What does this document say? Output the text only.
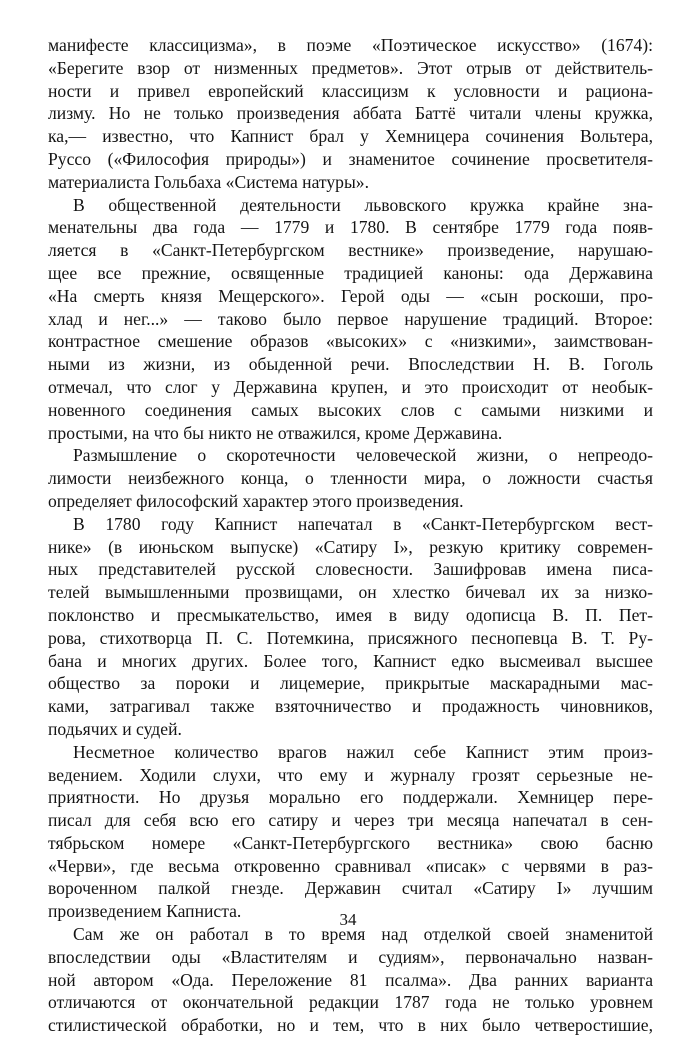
манифесте классицизма», в поэме «Поэтическое искусство» (1674):
«Берегите взор от низменных предметов». Этот отрыв от действитель-
ности и привел европейский классицизм к условности и рациона-
лизму. Но не только произведения аббата Баттё читали члены кружка,
ка,— известно, что Капнист брал у Хемницера сочинения Вольтера,
Руссо («Философия природы») и знаменитое сочинение просветителя-
материалиста Гольбаха «Система натуры».
В общественной деятельности львовского кружка крайне зна-
менательны два года — 1779 и 1780. В сентябре 1779 года появ-
ляется в «Санкт-Петербургском вестнике» произведение, нарушаю-
щее все прежние, освященные традицией каноны: ода Державина
«На смерть князя Мещерского». Герой оды — «сын роскоши, про-
хлад и нег...» — таково было первое нарушение традиций. Второе:
контрастное смешение образов «высоких» с «низкими», заимствован-
ными из жизни, из обыденной речи. Впоследствии Н. В. Гоголь
отмечал, что слог у Державина крупен, и это происходит от необык-
новенного соединения самых высоких слов с самыми низкими и
простыми, на что бы никто не отважился, кроме Державина.
Размышление о скоротечности человеческой жизни, о непреодо-
лимости неизбежного конца, о тленности мира, о ложности счастья
определяет философский характер этого произведения.
В 1780 году Капнист напечатал в «Санкт-Петербургском вест-
нике» (в июньском выпуске) «Сатиру I», резкую критику современ-
ных представителей русской словесности. Зашифровав имена писа-
телей вымышленными прозвищами, он хлестко бичевал их за низко-
поклонство и пресмыкательство, имея в виду одописца В. П. Пет-
рова, стихотворца П. С. Потемкина, присяжного песнопевца В. Т. Ру-
бана и многих других. Более того, Капнист едко высмеивал высшее
общество за пороки и лицемерие, прикрытые маскарадными мас-
ками, затрагивал также взяточничество и продажность чиновников,
подьячих и судей.
Несметное количество врагов нажил себе Капнист этим произ-
ведением. Ходили слухи, что ему и журналу грозят серьезные не-
приятности. Но друзья морально его поддержали. Хемницер пере-
писал для себя всю его сатиру и через три месяца напечатал в сен-
тябрьском номере «Санкт-Петербургского вестника» свою басню
«Черви», где весьма откровенно сравнивал «писак» с червями в раз-
вороченном палкой гнезде. Державин считал «Сатиру I» лучшим
произведением Капниста.
Сам же он работал в то время над отделкой своей знаменитой
впоследствии оды «Властителям и судиям», первоначально назван-
ной автором «Ода. Переложение 81 псалма». Два ранних варианта
отличаются от окончательной редакции 1787 года не только уровнем
стилистической обработки, но и тем, что в них было четверостишие,
34
